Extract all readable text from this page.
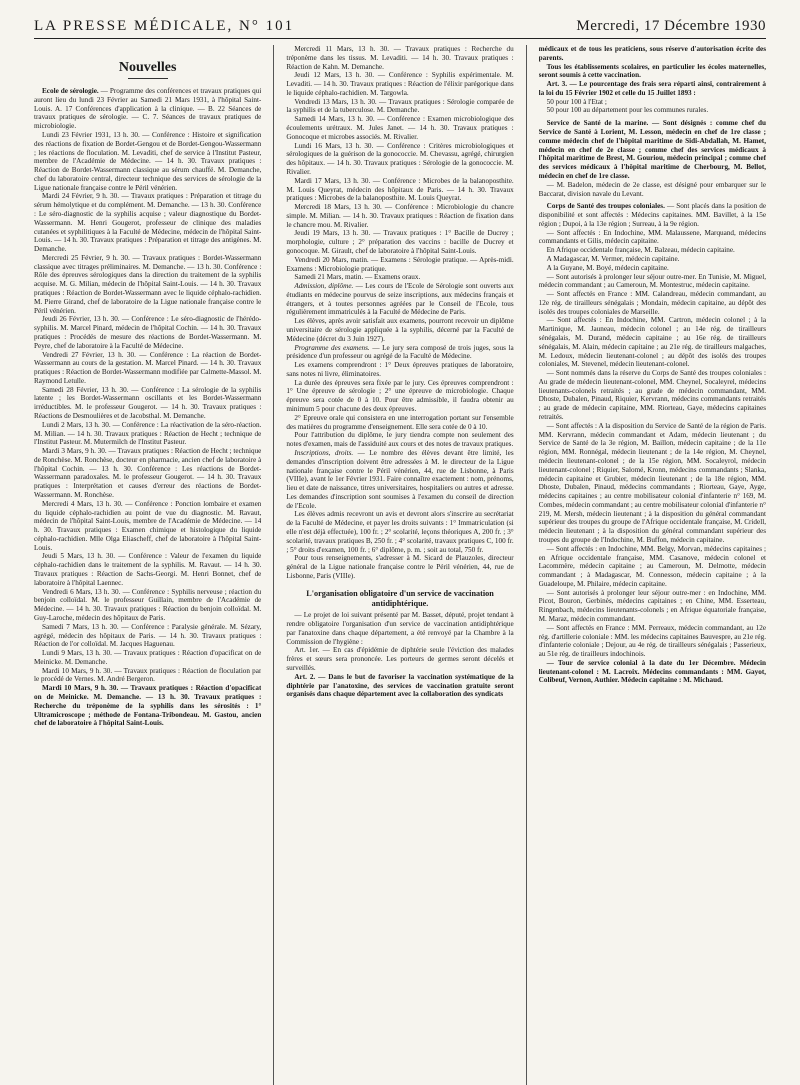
LA PRESSE MÉDICALE, N° 101	Mercredi, 17 Décembre 1930
Nouvelles

Ecole de sérologie. — Programme des conférences et travaux pratiques qui auront lieu du lundi 23 Février au Samedi 21 Mars 1931, à l'hôpital Saint-Louis. A. 17 Conférences d'application à la clinique. — B. 22 Séances de travaux pratiques de sérologie. — C. 7. Séances de travaux pratiques de microbiologie.

Lundi 23 Février 1931, 13 h. 30. — Conférence : Histoire et signification des réactions de fixation de Bordet-Gengou et de Bordet-Gengou-Wassermann ; les réactions de floculation. M. Levaditi, chef de service à l'Institut Pasteur, membre de l'Académie de Médecine. — 14 h. 30. Travaux pratiques : Réaction de Bordet-Wassermann classique au sérum chauffé. M. Demanche, chef du laboratoire central, directeur technique des services de sérologie de la Ligue nationale française contre le Péril vénérien.

Mardi 24 Février, 9 h. 30. — Travaux pratiques : Préparation et titrage du sérum hémolytique et du complément. M. Demanche. — 13 h. 30. Conférence : Le séro-diagnostic de la syphilis acquise ; valeur diagnostique du Bordet-Wassermann. M. Henri Gougerot, professeur de clinique des maladies cutanées et syphilitiques à la Faculté de Médecine, médecin de l'hôpital Saint-Louis. — 14 h. 30. Travaux pratiques : Préparation et titrage des antigènes. M. Demanche.

Mercredi 25 Février, 9 h. 30. — Travaux pratiques : Bordet-Wassermann classique avec titrages préliminaires. M. Demanche. — 13 h. 30. Conférence : Rôle des épreuves sérologiques dans la direction du traitement de la syphilis acquise. M. G. Milian, médecin de l'hôpital Saint-Louis. — 14 h. 30. Travaux pratiques : Réaction de Bordet-Wassermann avec le liquide céphalo-rachidien. M. Pierre Girand, chef de laboratoire de la Ligue nationale française contre le Péril vénérien.

Jeudi 26 Février, 13 h. 30. — Conférence : Le séro-diagnostic de l'hérédo-syphilis. M. Marcel Pinard, médecin de l'hôpital Cochin. — 14 h. 30. Travaux pratiques : Procédés de mesure des réactions de Bordet-Wassermann. M. Peyre, chef de laboratoire à la Faculté de Médecine.

Vendredi 27 Février, 13 h. 30. — Conférence : La réaction de Bordet-Wassermann au cours de la gestation. M. Marcel Pinard. — 14 h. 30. Travaux pratiques : Réaction de Bordet-Wassermann modifiée par Calmette-Massol. M. Raymond Letulle.

Samedi 28 Février, 13 h. 30. — Conférence : La sérologie de la syphilis latente ; les Bordet-Wassermann oscillants et les Bordet-Wassermann irréductibles. M. le professeur Gougerot. — 14 h. 30. Travaux pratiques : Réactions de Desmoulières et de Jacobsthal. M. Demanche.

Lundi 2 Mars, 13 h. 30. — Conférence : La réactivation de la séro-réaction. M. Milian. — 14 h. 30. Travaux pratiques : Réaction de Hecht ; technique de l'Institut Pasteur. M. Mutermilch de l'Institut Pasteur.

Mardi 3 Mars, 9 h. 30. — Travaux pratiques : Réaction de Hecht ; technique de Ronchèse. M. Ronchèse, docteur en pharmacie, ancien chef de laboratoire à l'hôpital Cochin. — 13 h. 30. Conférence : Les réactions de Bordet-Wassermann paradoxales. M. le professeur Gougerot. — 14 h. 30. Travaux pratiques : Interprétation et causes d'erreur des réactions de Bordet-Wassermann. M. Ronchèse.

Mercredi 4 Mars, 13 h. 30. — Conférence : Ponction lombaire et examen du liquide céphalo-rachidien au point de vue du diagnostic. M. Ravaut, médecin de l'hôpital Saint-Louis, membre de l'Académie de Médecine. — 14 h. 30. Travaux pratiques : Examen chimique et histologique du liquide céphalo-rachidien. Mlle Olga Eliascheff, chef de laboratoire à l'hôpital Saint-Louis.

Jeudi 5 Mars, 13 h. 30. — Conférence : Valeur de l'examen du liquide céphalo-rachidien dans le traitement de la syphilis. M. Ravaut. — 14 h. 30. Travaux pratiques : Réaction de Sachs-Georgi. M. Henri Bonnet, chef de laboratoire à l'hôpital Laennec.

Vendredi 6 Mars, 13 h. 30. — Conférence : Syphilis nerveuse ; réaction du benjoin colloïdal. M. le professeur Guillain, membre de l'Académie de Médecine. — 14 h. 30. Travaux pratiques : Réaction du benjoin colloïdal. M. Guy-Laroche, médecin des hôpitaux de Paris.

Samedi 7 Mars, 13 h. 30. — Conférence : Paralysie générale. M. Sézary, agrégé, médecin des hôpitaux de Paris. — 14 h. 30. Travaux pratiques : Réaction de l'or colloïdal. M. Jacques Haguenau.

Lundi 9 Mars, 13 h. 30. — Travaux pratiques : Réaction d'opacificat on de Meinicke. M. Demanche.

Mardi 10 Mars, 9 h. 30. — Travaux pratiques : Réaction de floculation par le procédé de Vernes. M. André Bergeron.

Mardi 10 Mars, 9 h. 30. — Travaux pratiques : Réaction d'opacificat on de Meinicke. M. Demanche. — 13 h. 30. Travaux pratiques : Recherche du tréponème de la syphilis dans les sérosités : 1° Ultramicroscope ; méthode de Fontana-Tribondeau. M. Gastou, ancien chef de laboratoire à l'hôpital Saint-Louis.

Mercredi 11 Mars, 13 h. 30. — Travaux pratiques : Recherche du tréponème dans les tissus. M. Levaditi. — 14 h. 30. Travaux pratiques : Réaction de Kahn. M. Demanche.

Jeudi 12 Mars, 13 h. 30. — Conférence : Syphilis expérimentale. M. Levaditi. — 14 h. 30. Travaux pratiques : Réaction de l'élixir parégorique dans le liquide céphalo-rachidien. M. Targowla.

Vendredi 13 Mars, 13 h. 30. — Travaux pratiques : Sérologie comparée de la syphilis et de la tuberculose. M. Demanche.

Samedi 14 Mars, 13 h. 30. — Conférence : Examen microbiologique des écoulements urétraux. M. Jules Janet. — 14 h. 30. Travaux pratiques : Gonocoque et microbes associés. M. Rivalier.

Lundi 16 Mars, 13 h. 30. — Conférence : Critères microbiologiques et sérologiques de la guérison de la gonococcie. M. Chevassu, agrégé, chirurgien des hôpitaux. — 14 h. 30. Travaux pratiques : Sérologie de la gonococcie. M. Rivalier.

Mardi 17 Mars, 13 h. 30. — Conférence : Microbes de la balanoposthite. M. Louis Queyrat, médecin des hôpitaux de Paris. — 14 h. 30. Travaux pratiques : Microbes de la balanoposthite. M. Louis Queyrat.

Mercredi 18 Mars, 13 h. 30. — Conférence : Microbiologie du chancre simple. M. Milian. — 14 h. 30. Travaux pratiques : Réaction de fixation dans le chancre mou. M. Rivalier.

Jeudi 19 Mars, 13 h. 30. — Travaux pratiques : 1° Bacille de Ducrey ; morphologie, culture ; 2° préparation des vaccins : bacille de Ducrey et gonocoque. M. Girault, chef de laboratoire à l'hôpital Saint-Louis.

Vendredi 20 Mars, matin. — Examens : Sérologie pratique. — Après-midi. Examens : Microbiologie pratique.

Samedi 21 Mars, matin. — Examens oraux.

Admission, diplôme. — Les cours de l'Ecole de Sérologie sont ouverts aux étudiants en médecine pourvus de seize inscriptions, aux médecins français et étrangers, et à toutes personnes agréées par le Conseil de l'Ecole, tous régulièrement immatriculés à la Faculté de Médecine de Paris.

Les élèves, après avoir satisfait aux examens, pourront recevoir un diplôme universitaire de sérologie appliquée à la syphilis, décerné par la Faculté de Médecine (décret du 3 Juin 1927).

Programme des examens. — Le jury sera composé de trois juges, sous la présidence d'un professeur ou agrégé de la Faculté de Médecine.

Les examens comprendront : 1° Deux épreuves pratiques de laboratoire, sans notes ni livre, éliminatoires.

La durée des épreuves sera fixée par le jury. Ces épreuves comprendront : 1° Une épreuve de sérologie ; 2° une épreuve de microbiologie. Chaque épreuve sera cotée de 0 à 10. Pour être admissible, il faudra obtenir au minimum 5 pour chacune des deux épreuves.

2° Epreuve orale qui consistera en une interrogation portant sur l'ensemble des matières du programme d'enseignement. Elle sera cotée de 0 à 10.

Pour l'attribution du diplôme, le jury tiendra compte non seulement des notes d'examen, mais de l'assiduité aux cours et des notes de travaux pratiques.

Inscriptions, droits. — Le nombre des élèves devant être limité, les demandes d'inscription doivent être adressées à M. le directeur de la Ligue nationale française contre le Péril vénérien, 44, rue de Lisbonne, à Paris (VIIIe), avant le 1er Février 1931. Faire connaître exactement : nom, prénoms, lieu et date de naissance, titres universitaires, hospitaliers ou autres et adresse. Les demandes d'inscription sont soumises à l'examen du conseil de direction de l'Ecole.

Les élèves admis recevront un avis et devront alors s'inscrire au secrétariat de la Faculté de Médecine, et payer les droits suivants : 1° Immatriculation (si elle n'est déjà effectuée), 100 fr. ; 2° scolarité, leçons théoriques A, 200 fr. ; 3° scolarité, travaux pratiques B, 250 fr. ; 4° scolarité, travaux pratiques C, 100 fr. ; 5° droits d'examen, 100 fr. ; 6° diplôme, p. m. ; soit au total, 750 fr.

Pour tous renseignements, s'adresser à M. Sicard de Plauzoles, directeur général de la Ligue nationale française contre le Péril vénérien, 44, rue de Lisbonne, Paris (VIIIe).

L'organisation obligatoire d'un service de vaccination antidiphtérique.

— Le projet de loi suivant présenté par M. Basset, député, projet tendant à rendre obligatoire l'organisation d'un service de vaccination antidiphtérique par l'anatoxine dans chaque département, a été renvoyé par la Chambre à la Commission de l'hygiène :

Art. 1er. — En cas d'épidémie de diphtérie seule l'éviction des malades frères et sœurs sera prononcée. Les porteurs de germes seront décelés et surveillés.

Art. 2. — Dans le but de favoriser la vaccination systématique de la diphtérie par l'anatoxine, des services de vaccination gratuite seront organisés dans chaque département avec la collaboration des syndicats

médicaux et de tous les praticiens, sous réserve d'autorisation écrite des parents.

Tous les établissements scolaires, en particulier les écoles maternelles, seront soumis à cette vaccination.

Art. 3. — Le pourcentage des frais sera réparti ainsi, contrairement à la loi du 15 Février 1902 et celle du 15 Juillet 1893 :

50 pour 100 à l'Etat ;

50 pour 100 au département pour les communes rurales.

Service de Santé de la marine. — Sont désignés : comme chef du Service de Santé à Lorient, M. Lesson, médecin en chef de 1re classe ; comme médecin chef de l'hôpital maritime de Sidi-Abdallah, M. Hamet, médecin en chef de 2e classe ; comme chef des services médicaux à l'hôpital maritime de Brest, M. Gouriou, médecin principal ; comme chef des services médicaux à l'hôpital maritime de Cherbourg, M. Bellot, médecin en chef de 1re classe.

— M. Badelon, médecin de 2e classe, est désigné pour embarquer sur le Baccarat, division navale du Levant.

Corps de Santé des troupes coloniales. — Sont placés dans la position de disponibilité et sont affectés : Médecins capitaines. MM. Bavillet, à la 15e région ; Dupoi, à la 13e région ; Surreau, à la 9e région.

— Sont affectés : En Indochine, MM. Malaussene, Marquand, médecins commandants et Gilis, médecin capitaine.

En Afrique occidentale française, M. Balzeau, médecin capitaine.

A Madagascar, M. Vermer, médecin capitaine.

A la Guyane, M. Boyé, médecin capitaine.

— Sont autorisés à prolonger leur séjour outre-mer. En Tunisie, M. Miguel, médecin commandant ; au Cameroun, M. Montestruc, médecin capitaine.

— Sont affectés en France : MM. Calandreau, médecin commandant, au 12e rég. de tirailleurs sénégalais ; Mondain, médecin capitaine, au dépôt des isolés des troupes coloniales de Marseille.

— Sont affectés : En Indochine, MM. Cartron, médecin colonel ; à la Martinique, M. Jauneau, médecin colonel ; au 14e rég. de tirailleurs sénégalais, M. Durand, médecin capitaine ; au 16e rég. de tirailleurs sénégalais, M. Alain, médecin capitaine ; au 21e rég. de tirailleurs malgaches, M. Ledoux, médecin lieutenant-colonel ; au dépôt des isolés des troupes coloniales, M. Stevenel, médecin lieutenant-colonel.

— Sont nommés dans la réserve du Corps de Santé des troupes coloniales : Au grade de médecin lieutenant-colonel, MM. Cheynel, Socaleyrel, médecins lieutenants-colonels retraités ; au grade de médecin commandant, MM. Dhoste, Dubalen, Pinaud, Riquier, Kervrann, médecins commandants retraités ; au grade de médecin capitaine, MM. Riorteau, Gaye, médecins capitaines retraités.

— Sont affectés : A la disposition du Service de Santé de la région de Paris. MM. Kervrann, médecin commandant et Adam, médecin lieutenant ; du Service de Santé de la 3e région, M. Baillon, médecin capitaine ; de la 11e région, MM. Ronnégal, médecin lieutenant ; de la 14e région, M. Cheynel, médecin lieutenant-colonel ; de la 15e région, MM. Socaleyrol, médecin lieutenant-colonel ; Riquier, Salomé, Kronn, médecins commandants ; Slanka, médecin capitaine et Grubier, médecin lieutenant ; de la 18e région, MM. Dhoste, Dubalen, Pinaud, médecins commandants ; Riorteau, Gaye, Ayge, médecins capitaines ; au centre mobilisateur colonial d'infanterie n° 169, M. Combes, médecin commandant ; au centre mobilisateur colonial d'infanterie n° 219, M. Mersh, médecin lieutenant ; à la disposition du général commandant supérieur des troupes du groupe de l'Afrique occidentale française, M. Cridell, médecin lieutenant ; à la disposition du général commandant supérieur des troupes du groupe de l'Indochine, M. Buffon, médecin capitaine.

— Sont affectés : en Indochine, MM. Belgy, Morvan, médecins capitaines ; en Afrique occidentale française, MM. Casanove, médecin colonel et Lacommère, médecin capitaine ; au Cameroun, M. Delmotte, médecin commandant ; à Madagascar, M. Connesson, médecin capitaine ; à la Guadeloupe, M. Philaire, médecin capitaine.

— Sont autorisés à prolonger leur séjour outre-mer : en Indochine, MM. Picot, Bouron, Gerbinès, médecins capitaines ; en Chine, MM. Esserteau, Ringenbach, médecins lieutenants-colonels ; en Afrique équatoriale française, M. Maraz, médecin commandant.

— Sont affectés en France : MM. Perreaux, médecin commandant, au 12e rég. d'artillerie coloniale : MM. les médecins capitaines Bauvespre, au 21e rég. d'infanterie coloniale ; Dejour, au 4e rég. de tirailleurs sénégalais ; Passerieux, au 51e rég. de tirailleurs indochinois.

— Tour de service colonial à la date du 1er Décembre. Médecin lieutenant-colonel : M. Lacroix. Médecins commandants : MM. Gayot, Colibeuf, Vernon, Authier. Médecin capitaine : M. Michaud.
